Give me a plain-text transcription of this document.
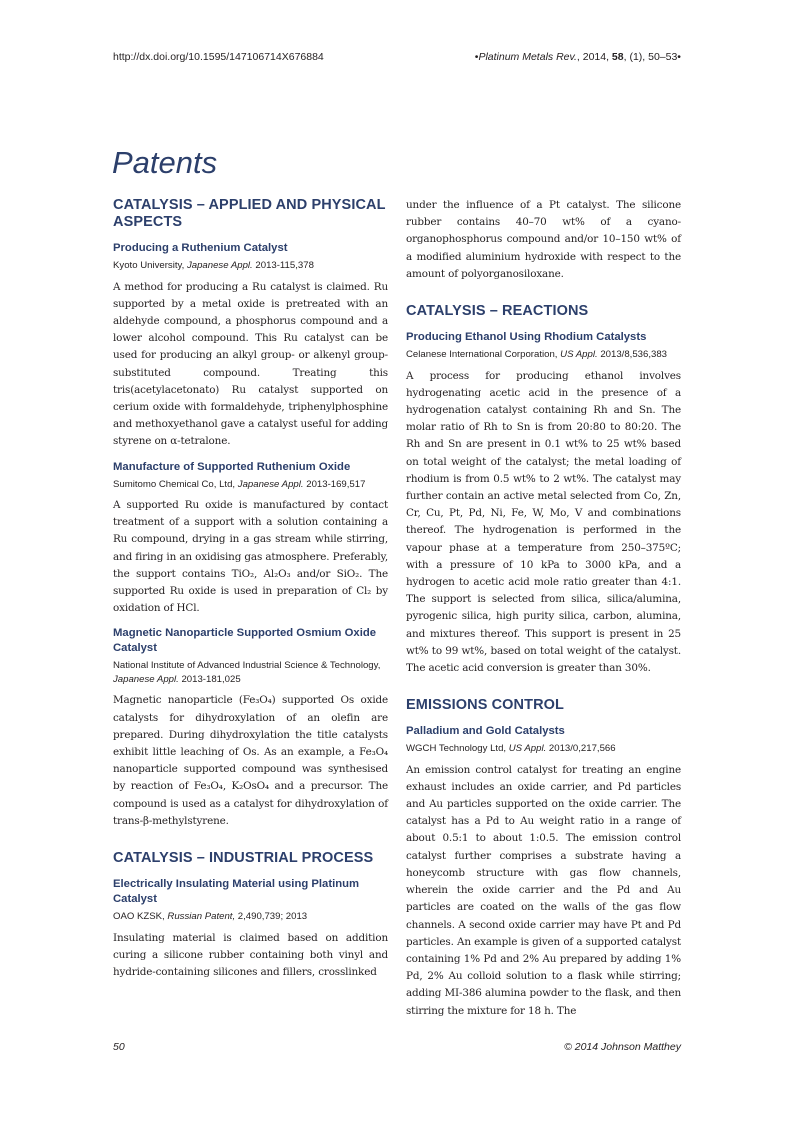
http://dx.doi.org/10.1595/147106714X676884	•Platinum Metals Rev., 2014, 58, (1), 50–53•
Patents
CATALYSIS – APPLIED AND PHYSICAL ASPECTS
Producing a Ruthenium Catalyst
Kyoto University, Japanese Appl. 2013-115,378

A method for producing a Ru catalyst is claimed. Ru supported by a metal oxide is pretreated with an aldehyde compound, a phosphorus compound and a lower alcohol compound. This Ru catalyst can be used for producing an alkyl group- or alkenyl group-substituted compound. Treating this tris(acetylacetonato) Ru catalyst supported on cerium oxide with formaldehyde, triphenylphosphine and methoxyethanol gave a catalyst useful for adding styrene on α-tetralone.

Manufacture of Supported Ruthenium Oxide
Sumitomo Chemical Co, Ltd, Japanese Appl. 2013-169,517

A supported Ru oxide is manufactured by contact treatment of a support with a solution containing a Ru compound, drying in a gas stream while stirring, and firing in an oxidising gas atmosphere. Preferably, the support contains TiO₂, Al₂O₃ and/or SiO₂. The supported Ru oxide is used in preparation of Cl₂ by oxidation of HCl.

Magnetic Nanoparticle Supported Osmium Oxide Catalyst
National Institute of Advanced Industrial Science & Technology, Japanese Appl. 2013-181,025

Magnetic nanoparticle (Fe₃O₄) supported Os oxide catalysts for dihydroxylation of an olefin are prepared. During dihydroxylation the title catalysts exhibit little leaching of Os. As an example, a Fe₃O₄ nanoparticle supported compound was synthesised by reaction of Fe₃O₄, K₂OsO₄ and a precursor. The compound is used as a catalyst for dihydroxylation of trans-β-methylstyrene.

CATALYSIS – INDUSTRIAL PROCESS
Electrically Insulating Material using Platinum Catalyst
OAO KZSK, Russian Patent, 2,490,739; 2013

Insulating material is claimed based on addition curing a silicone rubber containing both vinyl and hydride-containing silicones and fillers, crosslinked

under the influence of a Pt catalyst. The silicone rubber contains 40–70 wt% of a cyano-organophosphorus compound and/or 10–150 wt% of a modified aluminium hydroxide with respect to the amount of polyorganosiloxane.

CATALYSIS – REACTIONS
Producing Ethanol Using Rhodium Catalysts
Celanese International Corporation, US Appl. 2013/8,536,383

A process for producing ethanol involves hydrogenating acetic acid in the presence of a hydrogenation catalyst containing Rh and Sn. The molar ratio of Rh to Sn is from 20:80 to 80:20. The Rh and Sn are present in 0.1 wt% to 25 wt% based on total weight of the catalyst; the metal loading of rhodium is from 0.5 wt% to 2 wt%. The catalyst may further contain an active metal selected from Co, Zn, Cr, Cu, Pt, Pd, Ni, Fe, W, Mo, V and combinations thereof. The hydrogenation is performed in the vapour phase at a temperature from 250–375ºC; with a pressure of 10 kPa to 3000 kPa, and a hydrogen to acetic acid mole ratio greater than 4:1. The support is selected from silica, silica/alumina, pyrogenic silica, high purity silica, carbon, alumina, and mixtures thereof. This support is present in 25 wt% to 99 wt%, based on total weight of the catalyst. The acetic acid conversion is greater than 30%.

EMISSIONS CONTROL
Palladium and Gold Catalysts
WGCH Technology Ltd, US Appl. 2013/0,217,566

An emission control catalyst for treating an engine exhaust includes an oxide carrier, and Pd particles and Au particles supported on the oxide carrier. The catalyst has a Pd to Au weight ratio in a range of about 0.5:1 to about 1:0.5. The emission control catalyst further comprises a substrate having a honeycomb structure with gas flow channels, wherein the oxide carrier and the Pd and Au particles are coated on the walls of the gas flow channels. A second oxide carrier may have Pt and Pd particles. An example is given of a supported catalyst containing 1% Pd and 2% Au prepared by adding 1% Pd, 2% Au colloid solution to a flask while stirring; adding MI-386 alumina powder to the flask, and then stirring the mixture for 18 h. The

50	© 2014 Johnson Matthey
